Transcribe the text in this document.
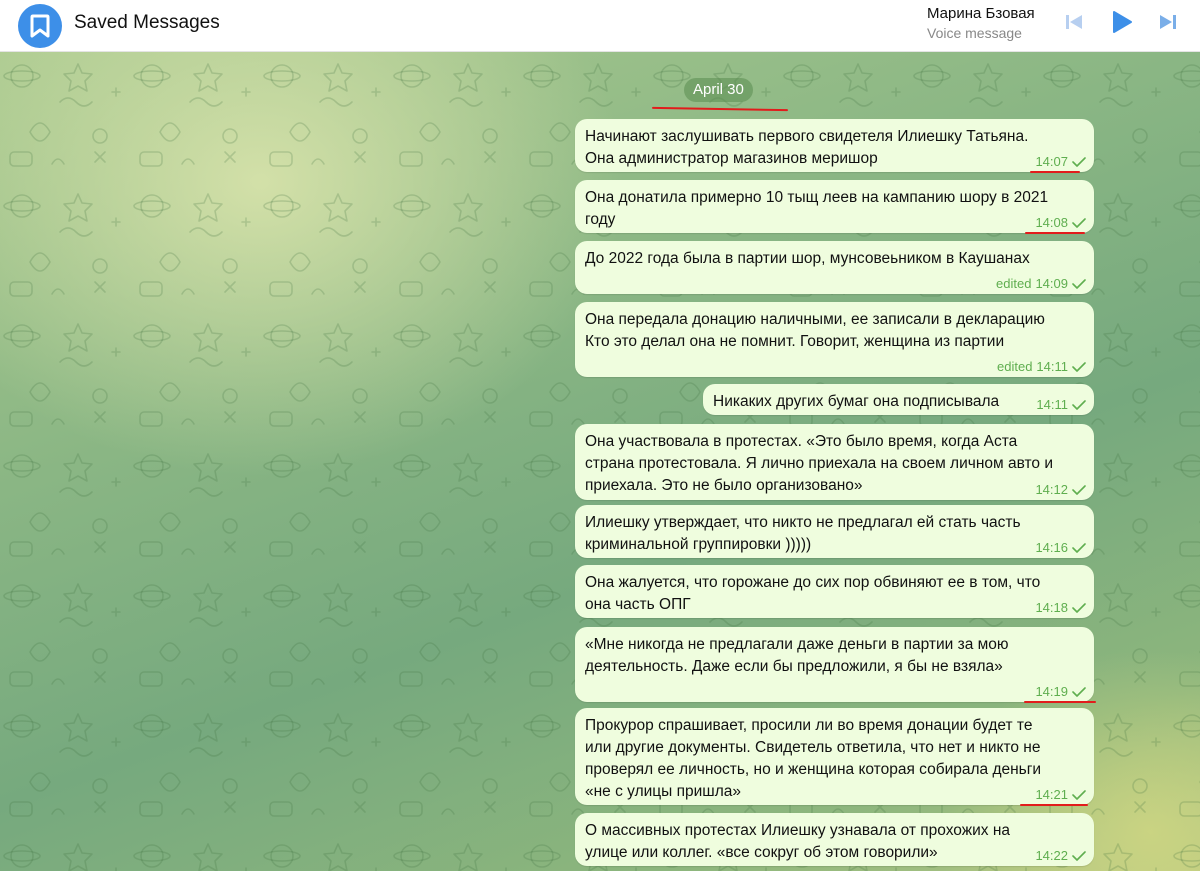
Saved Messages	Марина Бзовая
Voice message
April 30
Начинают заслушивать первого свидетеля Илиешку Татьяна.
Она администратор магазинов меришор	14:07
Она донатила примерно 10 тыщ леев на кампанию шору в 2021
году	14:08
До 2022 года была в партии шор, мунсовеьником в Каушанах
edited 14:09
Она передала донацию наличными, ее записали в декларацию
Кто это делал она не помнит. Говорит, женщина из партии
edited 14:11
Никаких других бумаг она подписывала	14:11
Она участвовала в протестах. «Это было время, когда Аста
страна протестовала. Я лично приехала на своем личном авто и
приехала. Это не было организовано»	14:12
Илиешку утверждает, что никто не предлагал ей стать часть
криминальной группировки )))))	14:16
Она жалуется, что горожане до сих пор обвиняют ее в том, что
она часть ОПГ	14:18
«Мне никогда не предлагали даже деньги в партии за мою
деятельность. Даже если бы предложили, я бы не взяла»
14:19
Прокурор спрашивает, просили ли во время донации будет те
или другие документы. Свидетель ответила, что нет и никто не
проверял ее личность, но и женщина которая собирала деньги
«не с улицы пришла»	14:21
О массивных протестах Илиешку узнавала от прохожих на
улице или коллег. «все сокруг об этом говорили»	14:22
